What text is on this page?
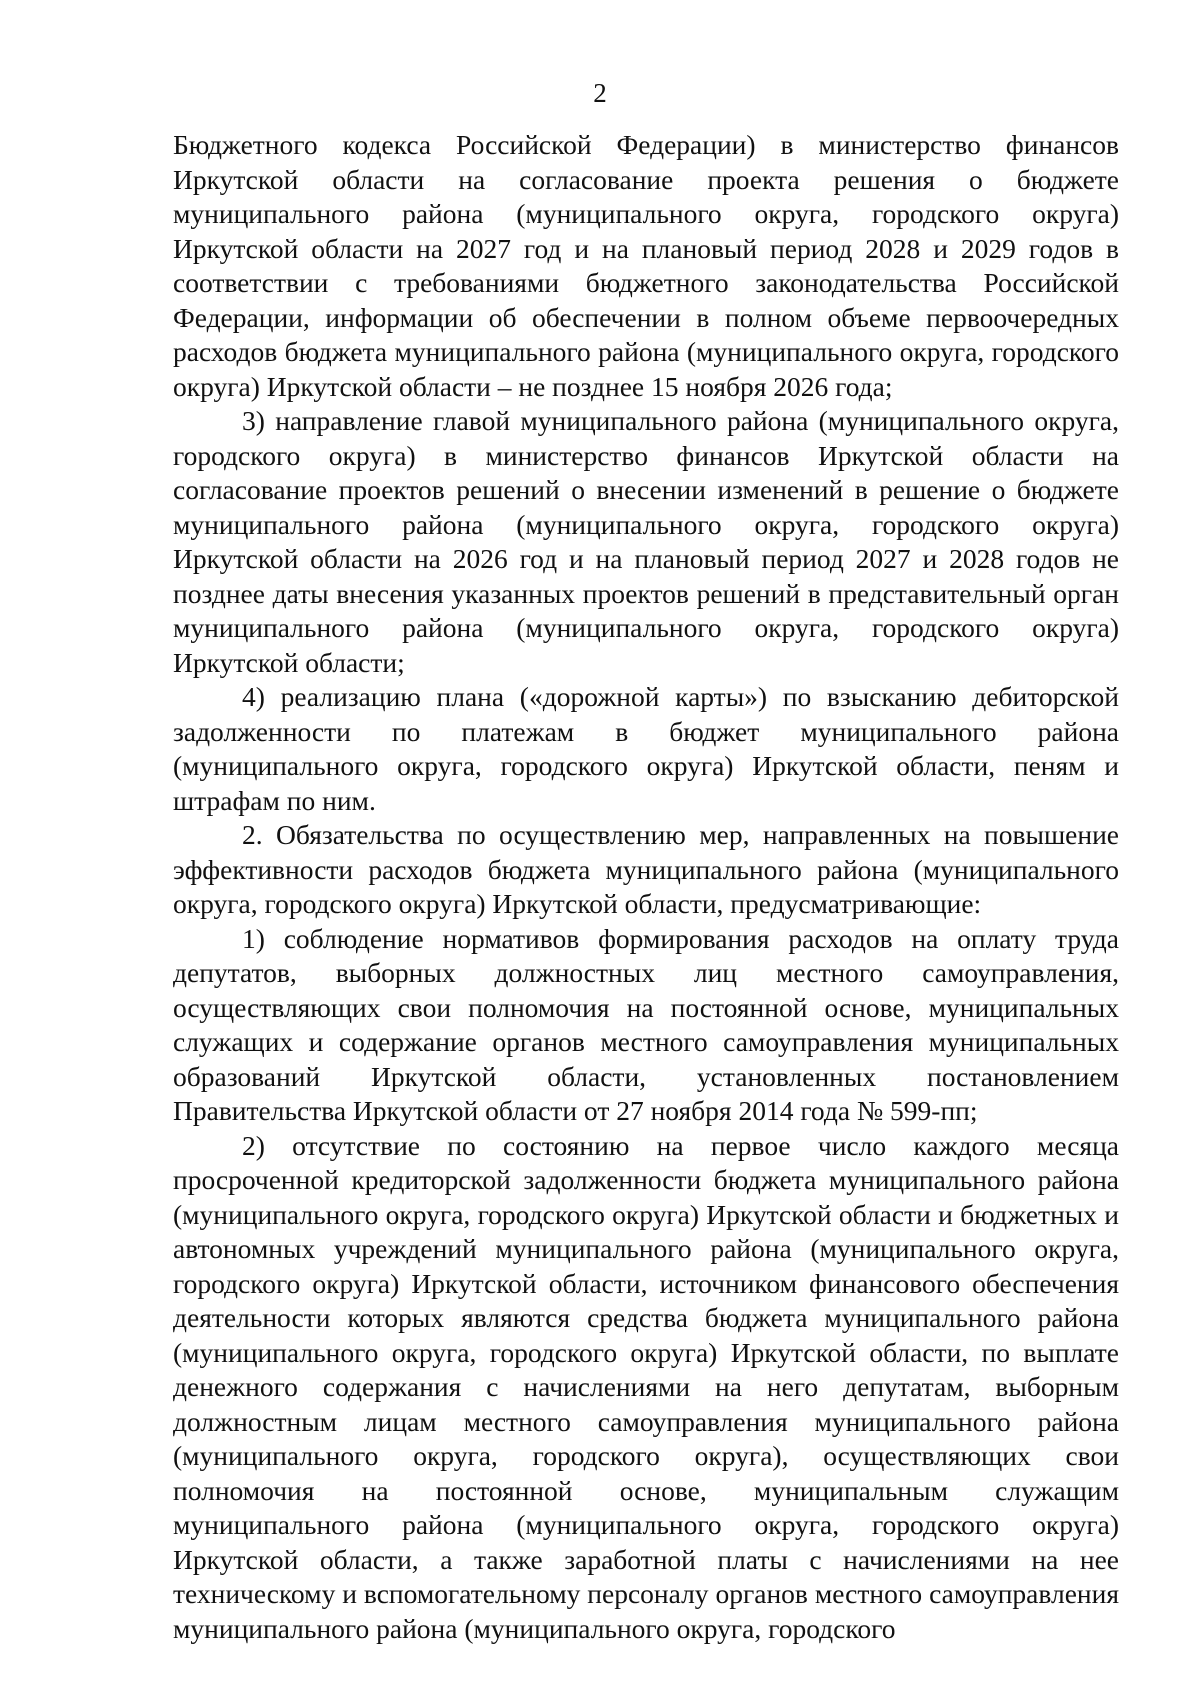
2

Бюджетного кодекса Российской Федерации) в министерство финансов Иркутской области на согласование проекта решения о бюджете муниципального района (муниципального округа, городского округа) Иркутской области на 2027 год и на плановый период 2028 и 2029 годов в соответствии с требованиями бюджетного законодательства Российской Федерации, информации об обеспечении в полном объеме первоочередных расходов бюджета муниципального района (муниципального округа, городского округа) Иркутской области – не позднее 15 ноября 2026 года;

3) направление главой муниципального района (муниципального округа, городского округа) в министерство финансов Иркутской области на согласование проектов решений о внесении изменений в решение о бюджете муниципального района (муниципального округа, городского округа) Иркутской области на 2026 год и на плановый период 2027 и 2028 годов не позднее даты внесения указанных проектов решений в представительный орган муниципального района (муниципального округа, городского округа) Иркутской области;

4) реализацию плана («дорожной карты») по взысканию дебиторской задолженности по платежам в бюджет муниципального района (муниципального округа, городского округа) Иркутской области, пеням и штрафам по ним.

2. Обязательства по осуществлению мер, направленных на повышение эффективности расходов бюджета муниципального района (муниципального округа, городского округа) Иркутской области, предусматривающие:

1) соблюдение нормативов формирования расходов на оплату труда депутатов, выборных должностных лиц местного самоуправления, осуществляющих свои полномочия на постоянной основе, муниципальных служащих и содержание органов местного самоуправления муниципальных образований Иркутской области, установленных постановлением Правительства Иркутской области от 27 ноября 2014 года № 599-пп;

2) отсутствие по состоянию на первое число каждого месяца просроченной кредиторской задолженности бюджета муниципального района (муниципального округа, городского округа) Иркутской области и бюджетных и автономных учреждений муниципального района (муниципального округа, городского округа) Иркутской области, источником финансового обеспечения деятельности которых являются средства бюджета муниципального района (муниципального округа, городского округа) Иркутской области, по выплате денежного содержания с начислениями на него депутатам, выборным должностным лицам местного самоуправления муниципального района (муниципального округа, городского округа), осуществляющих свои полномочия на постоянной основе, муниципальным служащим муниципального района (муниципального округа, городского округа) Иркутской области, а также заработной платы с начислениями на нее техническому и вспомогательному персоналу органов местного самоуправления муниципального района (муниципального округа, городского
